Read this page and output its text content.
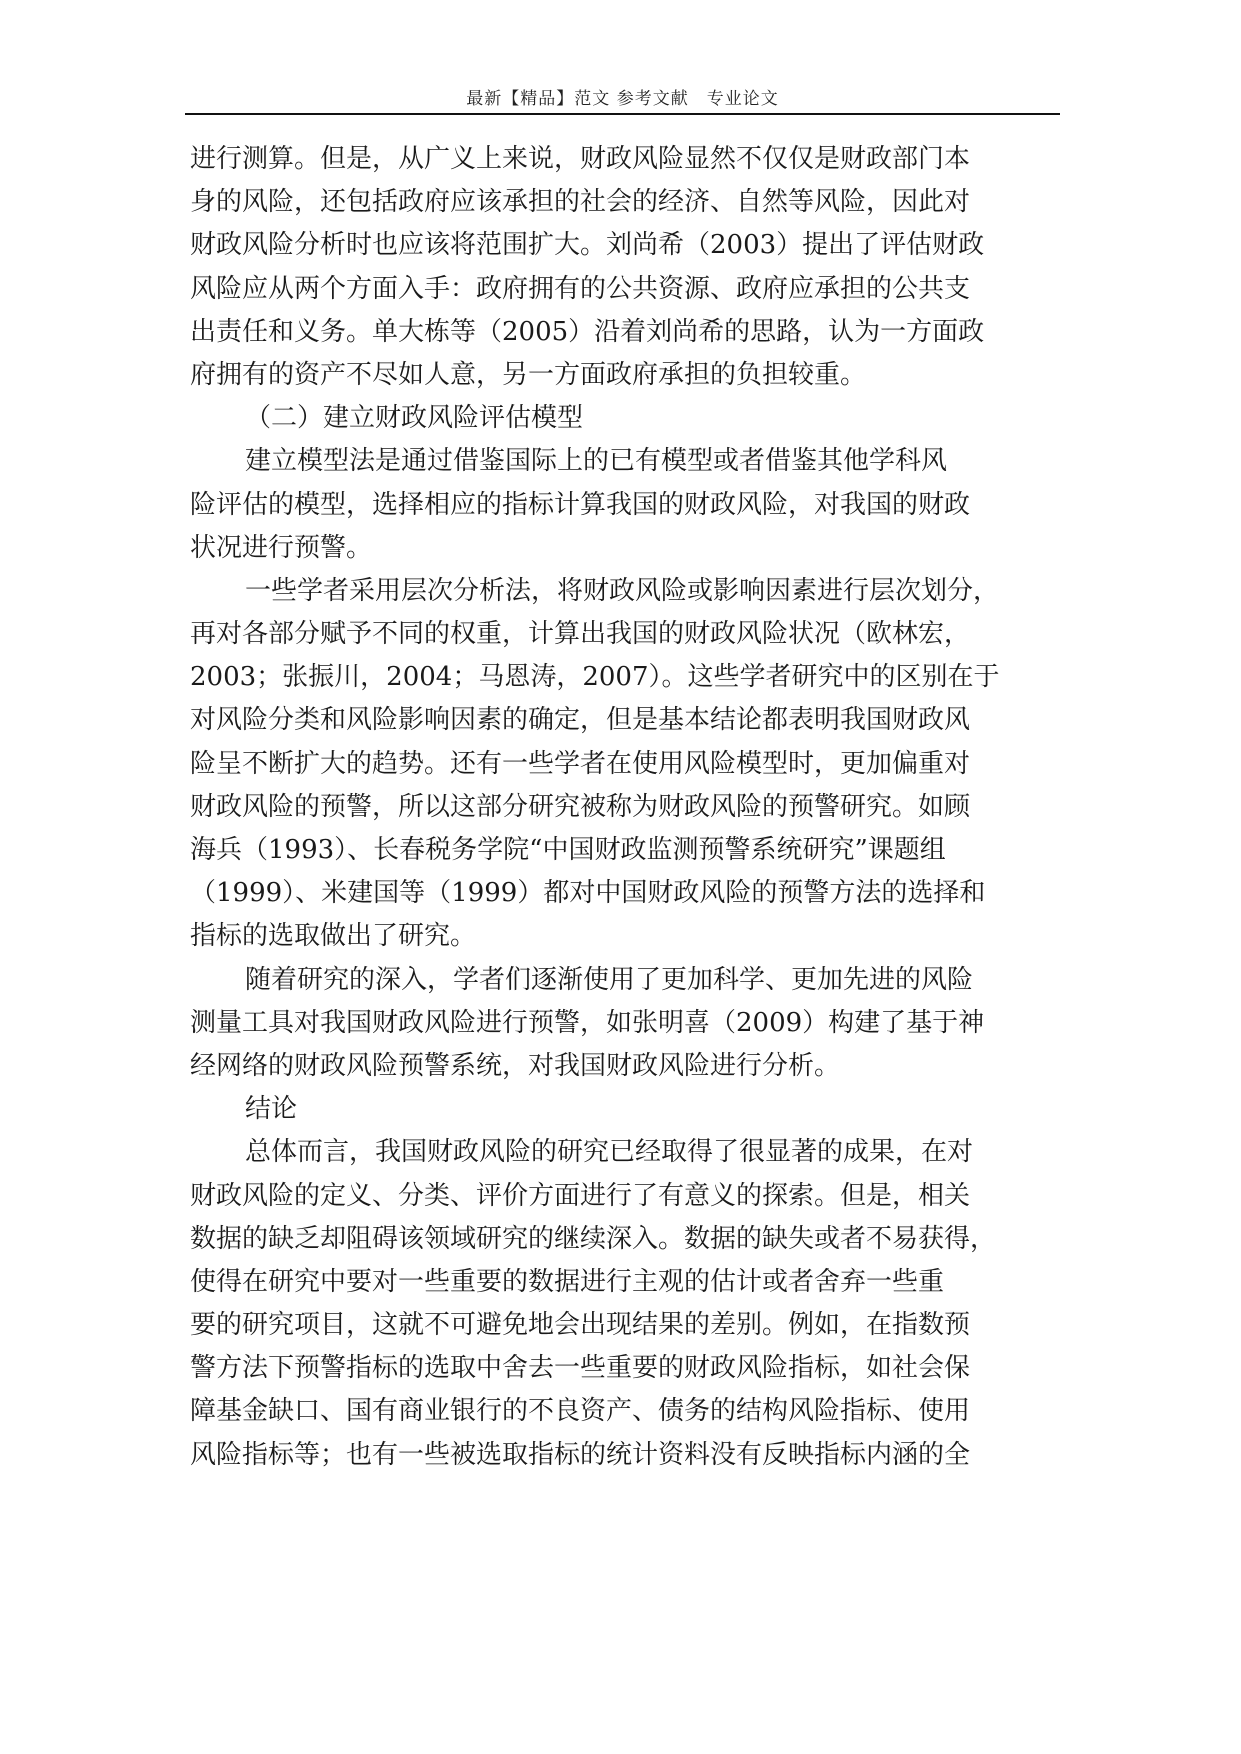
最新【精品】范文 参考文献　专业论文
进行测算。但是，从广义上来说，财政风险显然不仅仅是财政部门本
身的风险，还包括政府应该承担的社会的经济、自然等风险，因此对
财政风险分析时也应该将范围扩大。刘尚希（2003）提出了评估财政
风险应从两个方面入手：政府拥有的公共资源、政府应承担的公共支
出责任和义务。单大栋等（2005）沿着刘尚希的思路，认为一方面政
府拥有的资产不尽如人意，另一方面政府承担的负担较重。
（二）建立财政风险评估模型
建立模型法是通过借鉴国际上的已有模型或者借鉴其他学科风
险评估的模型，选择相应的指标计算我国的财政风险，对我国的财政
状况进行预警。
一些学者采用层次分析法，将财政风险或影响因素进行层次划分，
再对各部分赋予不同的权重，计算出我国的财政风险状况（欧林宏，
2003；张振川，2004；马恩涛，2007）。这些学者研究中的区别在于
对风险分类和风险影响因素的确定，但是基本结论都表明我国财政风
险呈不断扩大的趋势。还有一些学者在使用风险模型时，更加偏重对
财政风险的预警，所以这部分研究被称为财政风险的预警研究。如顾
海兵（1993）、长春税务学院“中国财政监测预警系统研究”课题组
（1999）、米建国等（1999）都对中国财政风险的预警方法的选择和
指标的选取做出了研究。
随着研究的深入，学者们逐渐使用了更加科学、更加先进的风险
测量工具对我国财政风险进行预警，如张明喜（2009）构建了基于神
经网络的财政风险预警系统，对我国财政风险进行分析。
结论
总体而言，我国财政风险的研究已经取得了很显著的成果，在对
财政风险的定义、分类、评价方面进行了有意义的探索。但是，相关
数据的缺乏却阻碍该领域研究的继续深入。数据的缺失或者不易获得，
使得在研究中要对一些重要的数据进行主观的估计或者舍弃一些重
要的研究项目，这就不可避免地会出现结果的差别。例如，在指数预
警方法下预警指标的选取中舍去一些重要的财政风险指标，如社会保
障基金缺口、国有商业银行的不良资产、债务的结构风险指标、使用
风险指标等；也有一些被选取指标的统计资料没有反映指标内涵的全
